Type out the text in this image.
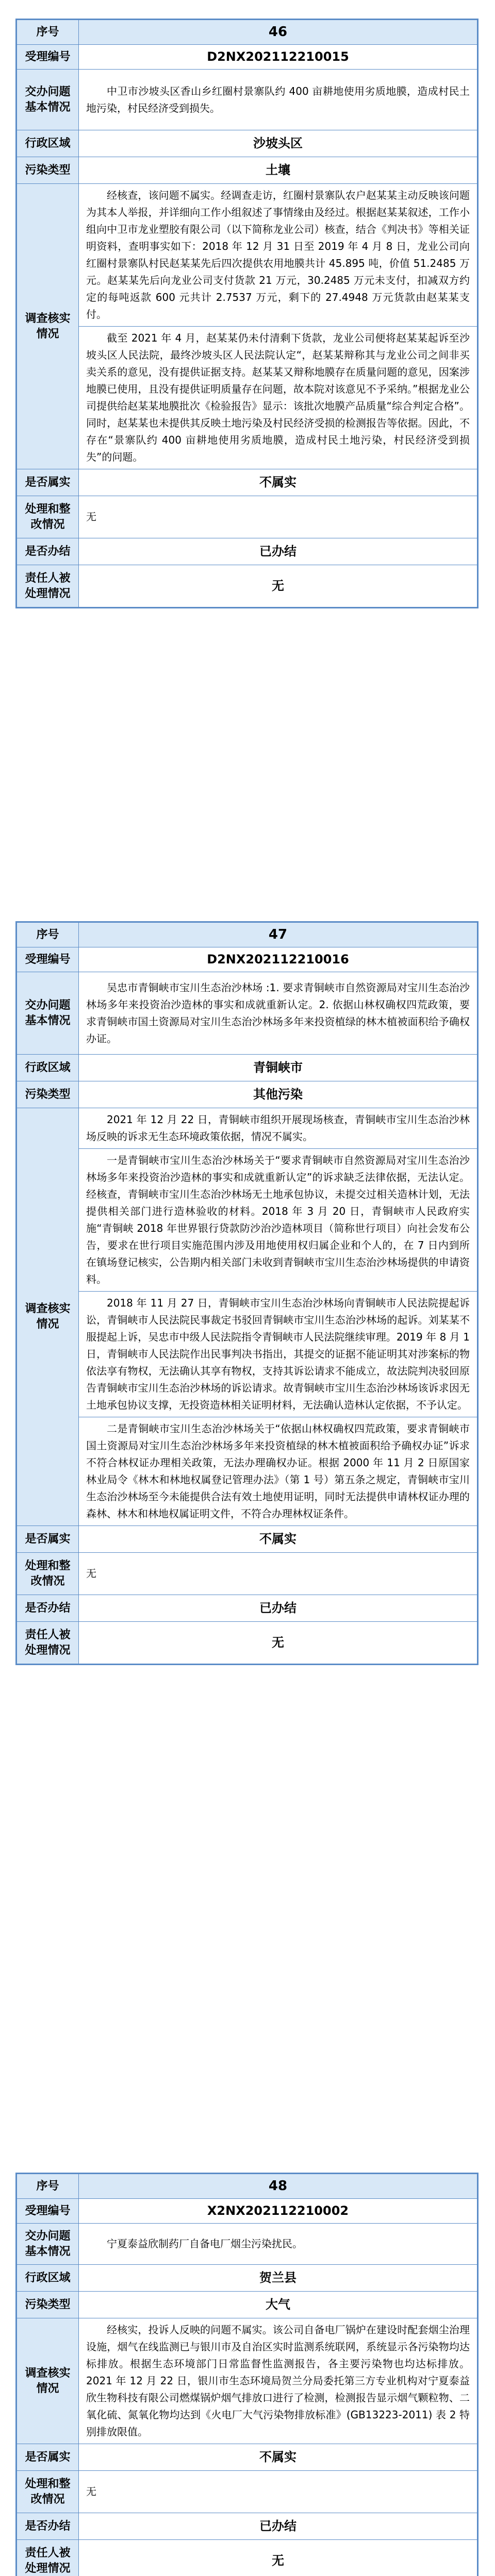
序号	46
受理编号	D2NX202112210015
交办问题基本情况	中卫市沙坡头区香山乡红圈村景寨队约 400 亩耕地使用劣质地膜，造成村民土地污染，村民经济受到损失。

行政区域	沙坡头区
污染类型	土壤
调查核实情况	经核查，该问题不属实。经调查走访，红圈村景寨队农户赵某某主动反映该问题为其本人举报，并详细向工作小组叙述了事情缘由及经过。根据赵某某叙述，工作小组向中卫市龙业塑胶有限公司（以下简称龙业公司）核查，结合《判决书》等相关证明资料，查明事实如下：2018 年 12 月 31 日至 2019 年 4 月 8 日，龙业公司向红圈村景寨队村民赵某某先后四次提供农用地膜共计 45.895 吨，价值 51.2485 万元。赵某某先后向龙业公司支付货款 21 万元，30.2485 万元未支付，扣减双方约定的每吨返款 600 元共计 2.7537 万元，剩下的 27.4948 万元货款由赵某某支付。

截至 2021 年 4 月，赵某某仍未付清剩下货款，龙业公司便将赵某某起诉至沙坡头区人民法院，最终沙坡头区人民法院认定“，赵某某辩称其与龙业公司之间非买卖关系的意见，没有提供证据支持。赵某某又辩称地膜存在质量问题的意见，因案涉地膜已使用，且没有提供证明质量存在问题，故本院对该意见不予采纳。”根据龙业公司提供给赵某某地膜批次《检验报告》显示：该批次地膜产品质量“综合判定合格”。同时，赵某某也未提供其反映土地污染及村民经济受损的检测报告等依据。因此，不存在“景寨队约 400 亩耕地使用劣质地膜，造成村民土地污染，村民经济受到损失”的问题。

是否属实	不属实
处理和整改情况	无
是否办结	已办结
责任人被处理情况	无
序号	47
受理编号	D2NX202112210016
交办问题基本情况	吴忠市青铜峡市宝川生态治沙林场 :1. 要求青铜峡市自然资源局对宝川生态治沙林场多年来投资治沙造林的事实和成就重新认定。2. 依据山林权确权四荒政策，要求青铜峡市国土资源局对宝川生态治沙林场多年来投资植绿的林木植被面积给予确权办证。

行政区域	青铜峡市
污染类型	其他污染
调查核实情况	2021 年 12 月 22 日，青铜峡市组织开展现场核查，青铜峡市宝川生态治沙林场反映的诉求无生态环境政策依据，情况不属实。

一是青铜峡市宝川生态治沙林场关于“要求青铜峡市自然资源局对宝川生态治沙林场多年来投资治沙造林的事实和成就重新认定”的诉求缺乏法律依据，无法认定。经核查，青铜峡市宝川生态治沙林场无土地承包协议，未提交过相关造林计划，无法提供相关部门进行造林验收的材料。2018 年 3 月 20 日，青铜峡市人民政府实施“青铜峡 2018 年世界银行贷款防沙治沙造林项目（简称世行项目）向社会发布公告，要求在世行项目实施范围内涉及用地使用权归属企业和个人的，在 7 日内到所在镇场登记核实，公告期内相关部门未收到青铜峡市宝川生态治沙林场提供的申请资料。

2018 年 11 月 27 日，青铜峡市宝川生态治沙林场向青铜峡市人民法院提起诉讼，青铜峡市人民法院民事裁定书驳回青铜峡市宝川生态治沙林场的起诉。刘某某不服提起上诉，吴忠市中级人民法院指令青铜峡市人民法院继续审理。2019 年 8 月 1 日，青铜峡市人民法院作出民事判决书指出，其提交的证据不能证明其对涉案标的物依法享有物权，无法确认其享有物权，支持其诉讼请求不能成立，故法院判决驳回原告青铜峡市宝川生态治沙林场的诉讼请求。故青铜峡市宝川生态治沙林场该诉求因无土地承包协议支撑，无投资造林相关证明材料，无法确认造林认定依据，不予认定。

二是青铜峡市宝川生态治沙林场关于“依据山林权确权四荒政策，要求青铜峡市国土资源局对宝川生态治沙林场多年来投资植绿的林木植被面积给予确权办证”诉求不符合林权证办理相关政策，无法办理确权办证。根据 2000 年 11 月 2 日原国家林业局令《林木和林地权属登记管理办法》（第 1 号）第五条之规定，青铜峡市宝川生态治沙林场至今未能提供合法有效土地使用证明，同时无法提供申请林权证办理的森林、林木和林地权属证明文件，不符合办理林权证条件。

是否属实	不属实
处理和整改情况	无
是否办结	已办结
责任人被处理情况	无
序号	48
受理编号	X2NX202112210002
交办问题基本情况	宁夏泰益欣制药厂自备电厂烟尘污染扰民。

行政区域	贺兰县
污染类型	大气
调查核实情况	经核实，投诉人反映的问题不属实。该公司自备电厂锅炉在建设时配套烟尘治理设施，烟气在线监测已与银川市及自治区实时监测系统联网，系统显示各污染物均达标排放。根据生态环境部门日常监督性监测报告，各主要污染物也均达标排放。2021 年 12 月 22 日，银川市生态环境局贺兰分局委托第三方专业机构对宁夏泰益欣生物科技有限公司燃煤锅炉烟气排放口进行了检测，检测报告显示烟气颗粒物、二氧化硫、氮氧化物均达到《火电厂大气污染物排放标准》(GB13223-2011) 表 2 特别排放限值。

是否属实	不属实
处理和整改情况	无
是否办结	已办结
责任人被处理情况	无
